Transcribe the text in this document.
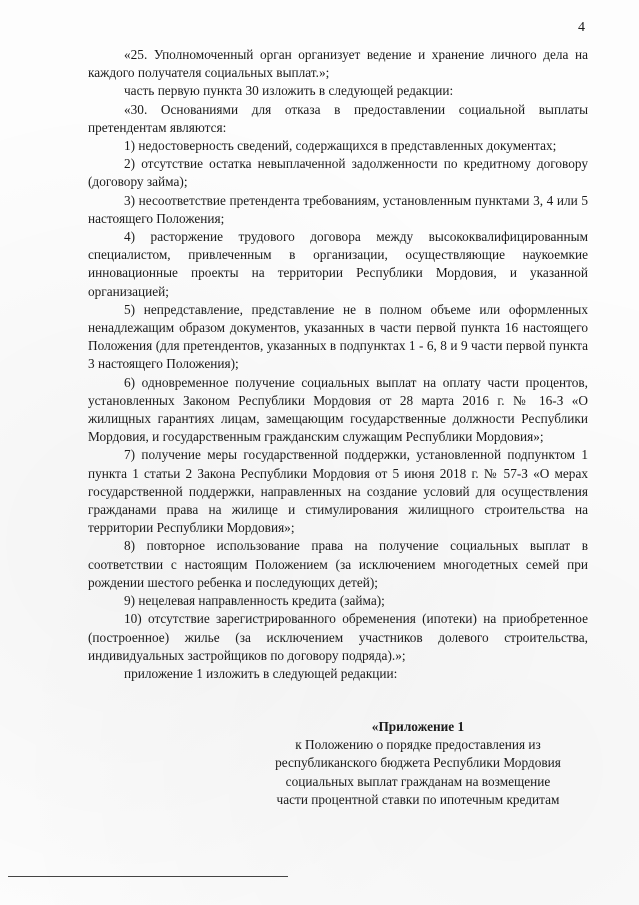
4

«25. Уполномоченный орган организует ведение и хранение личного дела на каждого получателя социальных выплат.»;

часть первую пункта 30 изложить в следующей редакции:

«30. Основаниями для отказа в предоставлении социальной выплаты претендентам являются:

1) недостоверность сведений, содержащихся в представленных документах;

2) отсутствие остатка невыплаченной задолженности по кредитному договору (договору займа);

3) несоответствие претендента требованиям, установленным пунктами 3, 4 или 5 настоящего Положения;

4) расторжение трудового договора между высококвалифицированным специалистом, привлеченным в организации, осуществляющие наукоемкие инновационные проекты на территории Республики Мордовия, и указанной организацией;

5) непредставление, представление не в полном объеме или оформленных ненадлежащим образом документов, указанных в части первой пункта 16 настоящего Положения (для претендентов, указанных в подпунктах 1 - 6, 8 и 9 части первой пункта 3 настоящего Положения);

6) одновременное получение социальных выплат на оплату части процентов, установленных Законом Республики Мордовия от 28 марта 2016 г. № 16-З «О жилищных гарантиях лицам, замещающим государственные должности Республики Мордовия, и государственным гражданским служащим Республики Мордовия»;

7) получение меры государственной поддержки, установленной подпунктом 1 пункта 1 статьи 2 Закона Республики Мордовия от 5 июня 2018 г. № 57-З «О мерах государственной поддержки, направленных на создание условий для осуществления гражданами права на жилище и стимулирования жилищного строительства на территории Республики Мордовия»;

8) повторное использование права на получение социальных выплат в соответствии с настоящим Положением (за исключением многодетных семей при рождении шестого ребенка и последующих детей);

9) нецелевая направленность кредита (займа);

10) отсутствие зарегистрированного обременения (ипотеки) на приобретенное (построенное) жилье (за исключением участников долевого строительства, индивидуальных застройщиков по договору подряда).»;

приложение 1 изложить в следующей редакции:

«Приложение 1
к Положению о порядке предоставления из
республиканского бюджета Республики Мордовия
социальных выплат гражданам на возмещение
части процентной ставки по ипотечным кредитам
